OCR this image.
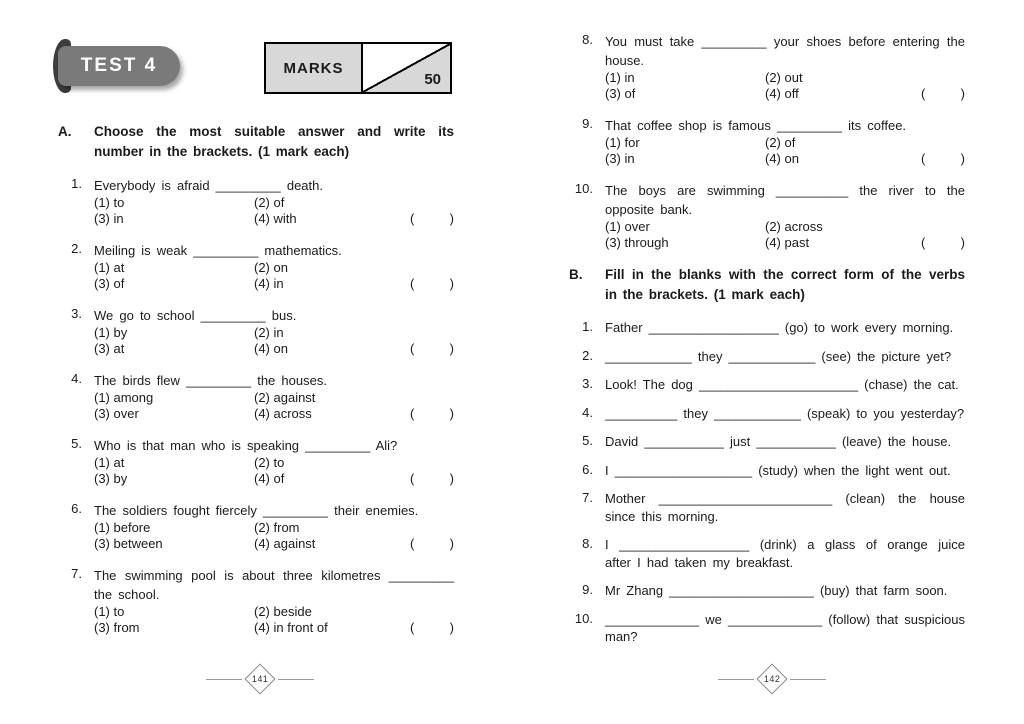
TEST 4	MARKS
50
A.	Choose the most suitable answer and write its number in the brackets. (1 mark each)
1. Everybody is afraid _________ death.
(1) to	(2) of
(3) in	(4) with	(	)
2. Meiling is weak _________ mathematics.
(1) at	(2) on
(3) of	(4) in	(	)
3. We go to school _________ bus.
(1) by	(2) in
(3) at	(4) on	(	)
4. The birds flew _________ the houses.
(1) among	(2) against
(3) over	(4) across	(	)
5. Who is that man who is speaking _________ Ali?
(1) at	(2) to
(3) by	(4) of	(	)
6. The soldiers fought fiercely _________ their enemies.
(1) before	(2) from
(3) between	(4) against	(	)
7. The swimming pool is about three kilometres _________ the school.
(1) to	(2) beside
(3) from	(4) in front of	(	)
8. You must take _________ your shoes before entering the house.
(1) in	(2) out
(3) of	(4) off	(	)
9. That coffee shop is famous _________ its coffee.
(1) for	(2) of
(3) in	(4) on	(	)
10. The boys are swimming __________ the river to the opposite bank.
(1) over	(2) across
(3) through	(4) past	(	)
B.	Fill in the blanks with the correct form of the verbs in the brackets. (1 mark each)
1. Father __________________ (go) to work every morning.
2. ____________ they ____________ (see) the picture yet?
3. Look! The dog ______________________ (chase) the cat.
4. __________ they ____________ (speak) to you yesterday?
5. David ___________ just ___________ (leave) the house.
6. I ___________________ (study) when the light went out.
7. Mother ________________________ (clean) the house since this morning.
8. I __________________ (drink) a glass of orange juice after I had taken my breakfast.
9. Mr Zhang ____________________ (buy) that farm soon.
10. _____________ we _____________ (follow) that suspicious man?
141	142
